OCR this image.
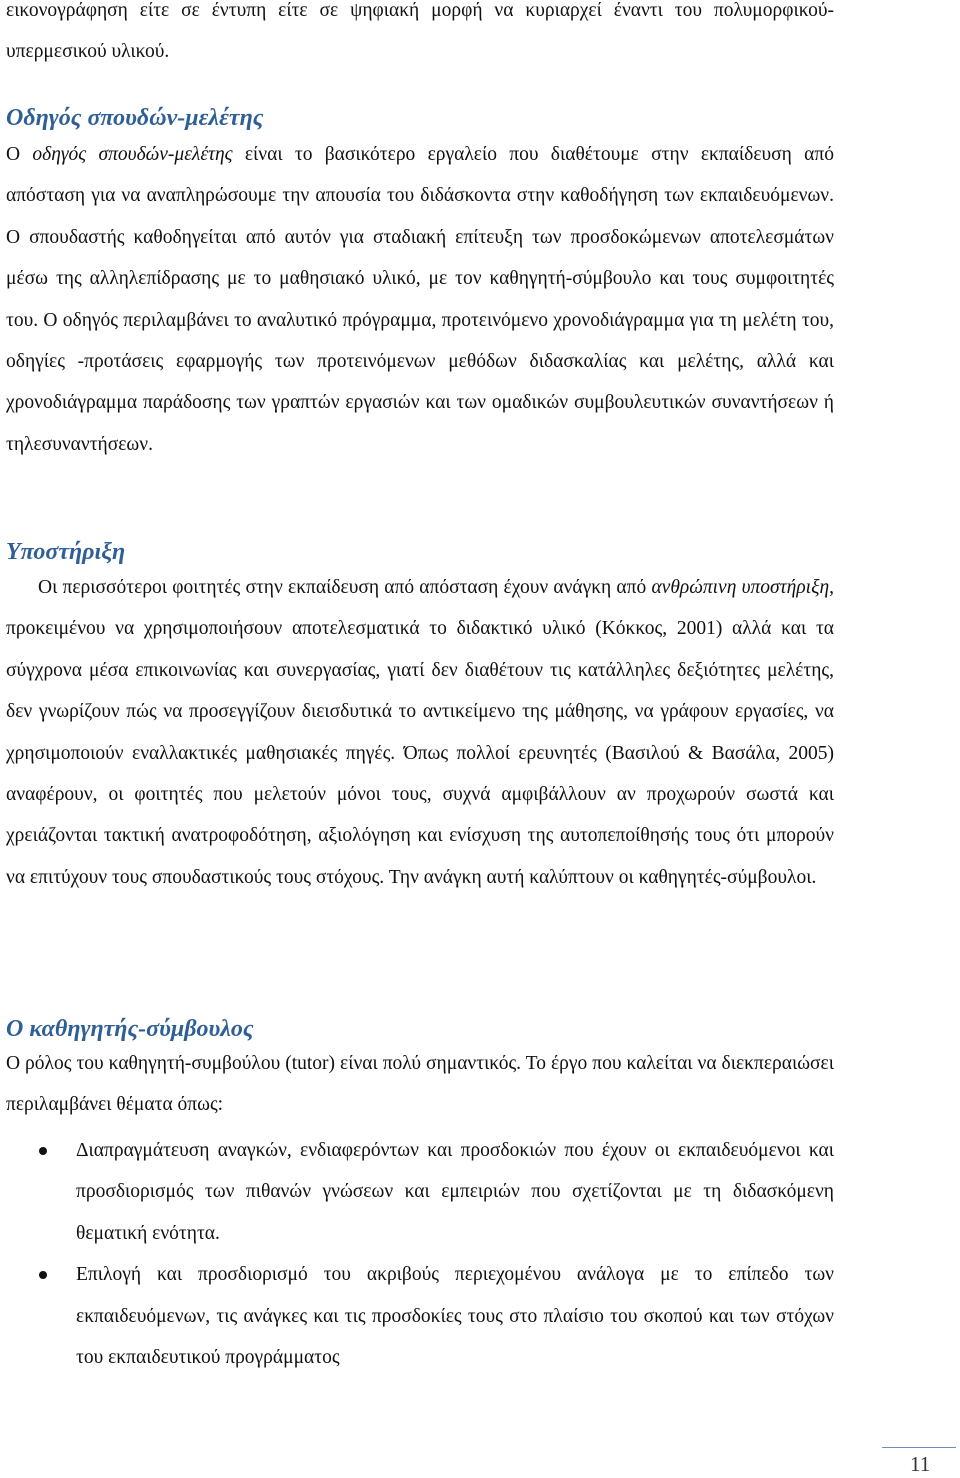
εικονογράφηση είτε σε έντυπη είτε σε ψηφιακή μορφή να κυριαρχεί έναντι του πολυμορφικού-υπερμεσικού υλικού.

Οδηγός σπουδών-μελέτης

Ο οδηγός σπουδών-μελέτης είναι το βασικότερο εργαλείο που διαθέτουμε στην εκπαίδευση από απόσταση για να αναπληρώσουμε την απουσία του διδάσκοντα στην καθοδήγηση των εκπαιδευόμενων. Ο σπουδαστής καθοδηγείται από αυτόν για σταδιακή επίτευξη των προσδοκώμενων αποτελεσμάτων μέσω της αλληλεπίδρασης με το μαθησιακό υλικό, με τον καθηγητή-σύμβουλο και τους συμφοιτητές του. Ο οδηγός περιλαμβάνει το αναλυτικό πρόγραμμα, προτεινόμενο χρονοδιάγραμμα για τη μελέτη του, οδηγίες -προτάσεις εφαρμογής των προτεινόμενων μεθόδων διδασκαλίας και μελέτης, αλλά και χρονοδιάγραμμα παράδοσης των γραπτών εργασιών και των ομαδικών συμβουλευτικών συναντήσεων ή τηλεσυναντήσεων.

Υποστήριξη

Οι περισσότεροι φοιτητές στην εκπαίδευση από απόσταση έχουν ανάγκη από ανθρώπινη υποστήριξη, προκειμένου να χρησιμοποιήσουν αποτελεσματικά το διδακτικό υλικό (Κόκκος, 2001) αλλά και τα σύγχρονα μέσα επικοινωνίας και συνεργασίας, γιατί δεν διαθέτουν τις κατάλληλες δεξιότητες μελέτης, δεν γνωρίζουν πώς να προσεγγίζουν διεισδυτικά το αντικείμενο της μάθησης, να γράφουν εργασίες, να χρησιμοποιούν εναλλακτικές μαθησιακές πηγές. Όπως πολλοί ερευνητές (Βασιλού & Βασάλα, 2005) αναφέρουν, οι φοιτητές που μελετούν μόνοι τους, συχνά αμφιβάλλουν αν προχωρούν σωστά και χρειάζονται τακτική ανατροφοδότηση, αξιολόγηση και ενίσχυση της αυτοπεποίθησής τους ότι μπορούν να επιτύχουν τους σπουδαστικούς τους στόχους. Την ανάγκη αυτή καλύπτουν οι καθηγητές-σύμβουλοι.

Ο καθηγητής-σύμβουλος

Ο ρόλος του καθηγητή-συμβούλου (tutor) είναι πολύ σημαντικός. Το έργο που καλείται να διεκπεραιώσει περιλαμβάνει θέματα όπως:

Διαπραγμάτευση αναγκών, ενδιαφερόντων και προσδοκιών που έχουν οι εκπαιδευόμενοι και προσδιορισμός των πιθανών γνώσεων και εμπειριών που σχετίζονται με τη διδασκόμενη θεματική ενότητα.
Επιλογή και προσδιορισμό του ακριβούς περιεχομένου ανάλογα με το επίπεδο των εκπαιδευόμενων, τις ανάγκες και τις προσδοκίες τους στο πλαίσιο του σκοπού και των στόχων του εκπαιδευτικού προγράμματος
11
